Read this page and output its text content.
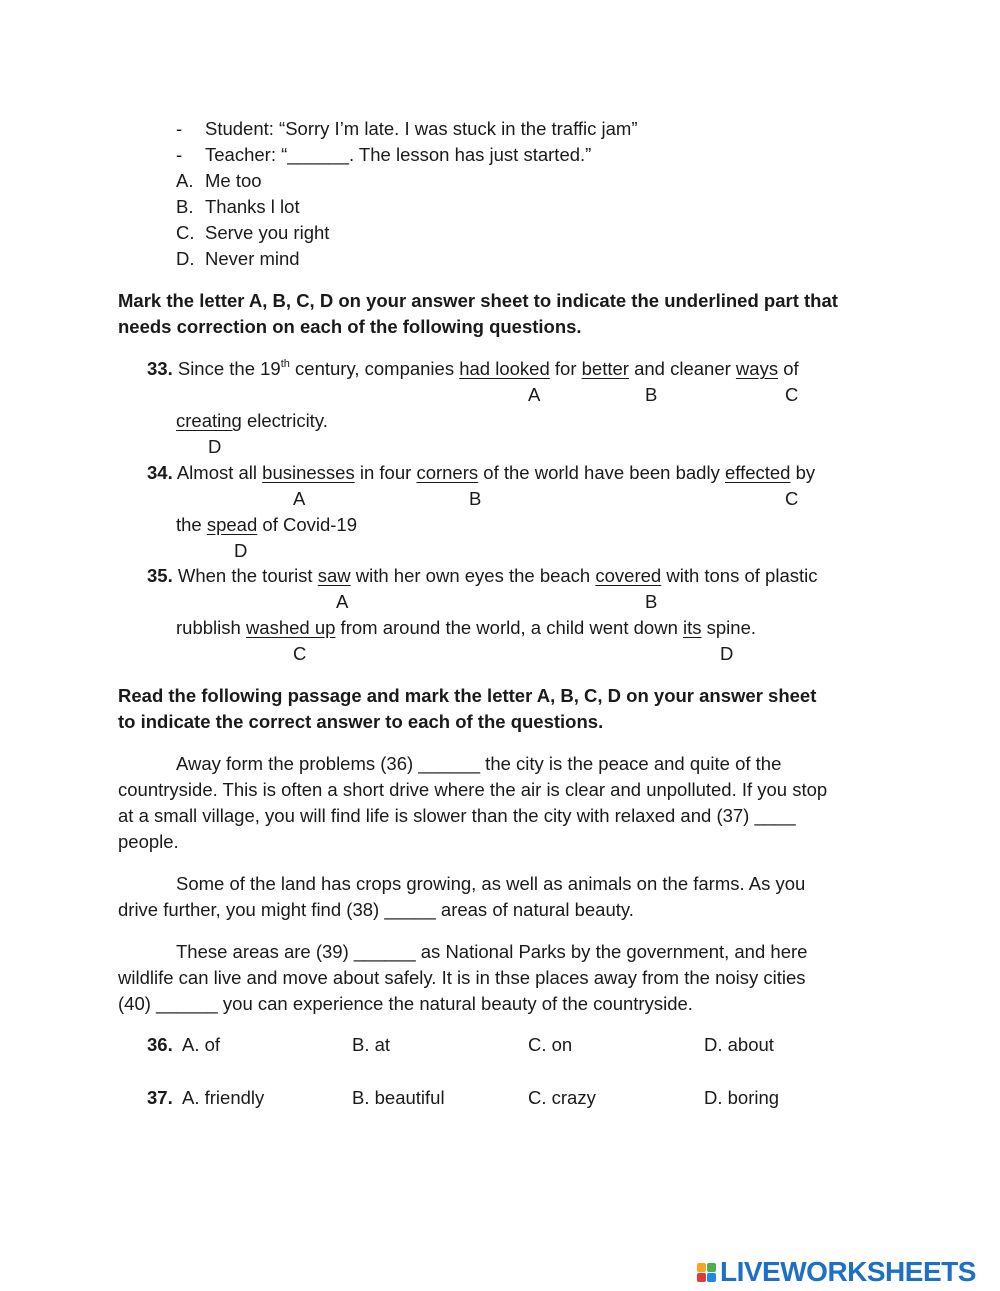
- Student: “Sorry I’m late. I was stuck in the traffic jam”
- Teacher: “______. The lesson has just started.”
A. Me too
B. Thanks l lot
C. Serve you right
D. Never mind
Mark the letter A, B, C, D on your answer sheet to indicate the underlined part that
needs correction on each of the following questions.
33. Since the 19th century, companies had looked for better and cleaner ways of
A	B	C
creating electricity.
D
34. Almost all businesses in four corners of the world have been badly effected by
A	B	C
the spead of Covid-19
D
35. When the tourist saw with her own eyes the beach covered with tons of plastic
A	B
rubblish washed up from around the world, a child went down its spine.
C	D
Read the following passage and mark the letter A, B, C, D on your answer sheet
to indicate the correct answer to each of the questions.
Away form the problems (36) ______ the city is the peace and quite of the
countryside. This is often a short drive where the air is clear and unpolluted. If you stop
at a small village, you will find life is slower than the city with relaxed and (37) ____
people.
Some of the land has crops growing, as well as animals on the farms. As you
drive further, you might find (38) _____ areas of natural beauty.
These areas are (39) ______ as National Parks by the government, and here
wildlife can live and move about safely. It is in thse places away from the noisy cities
(40) ______ you can experience the natural beauty of the countryside.
36. A. of	B. at	C. on	D. about
37. A. friendly	B. beautiful	C. crazy	D. boring
LIVEWORKSHEETS
